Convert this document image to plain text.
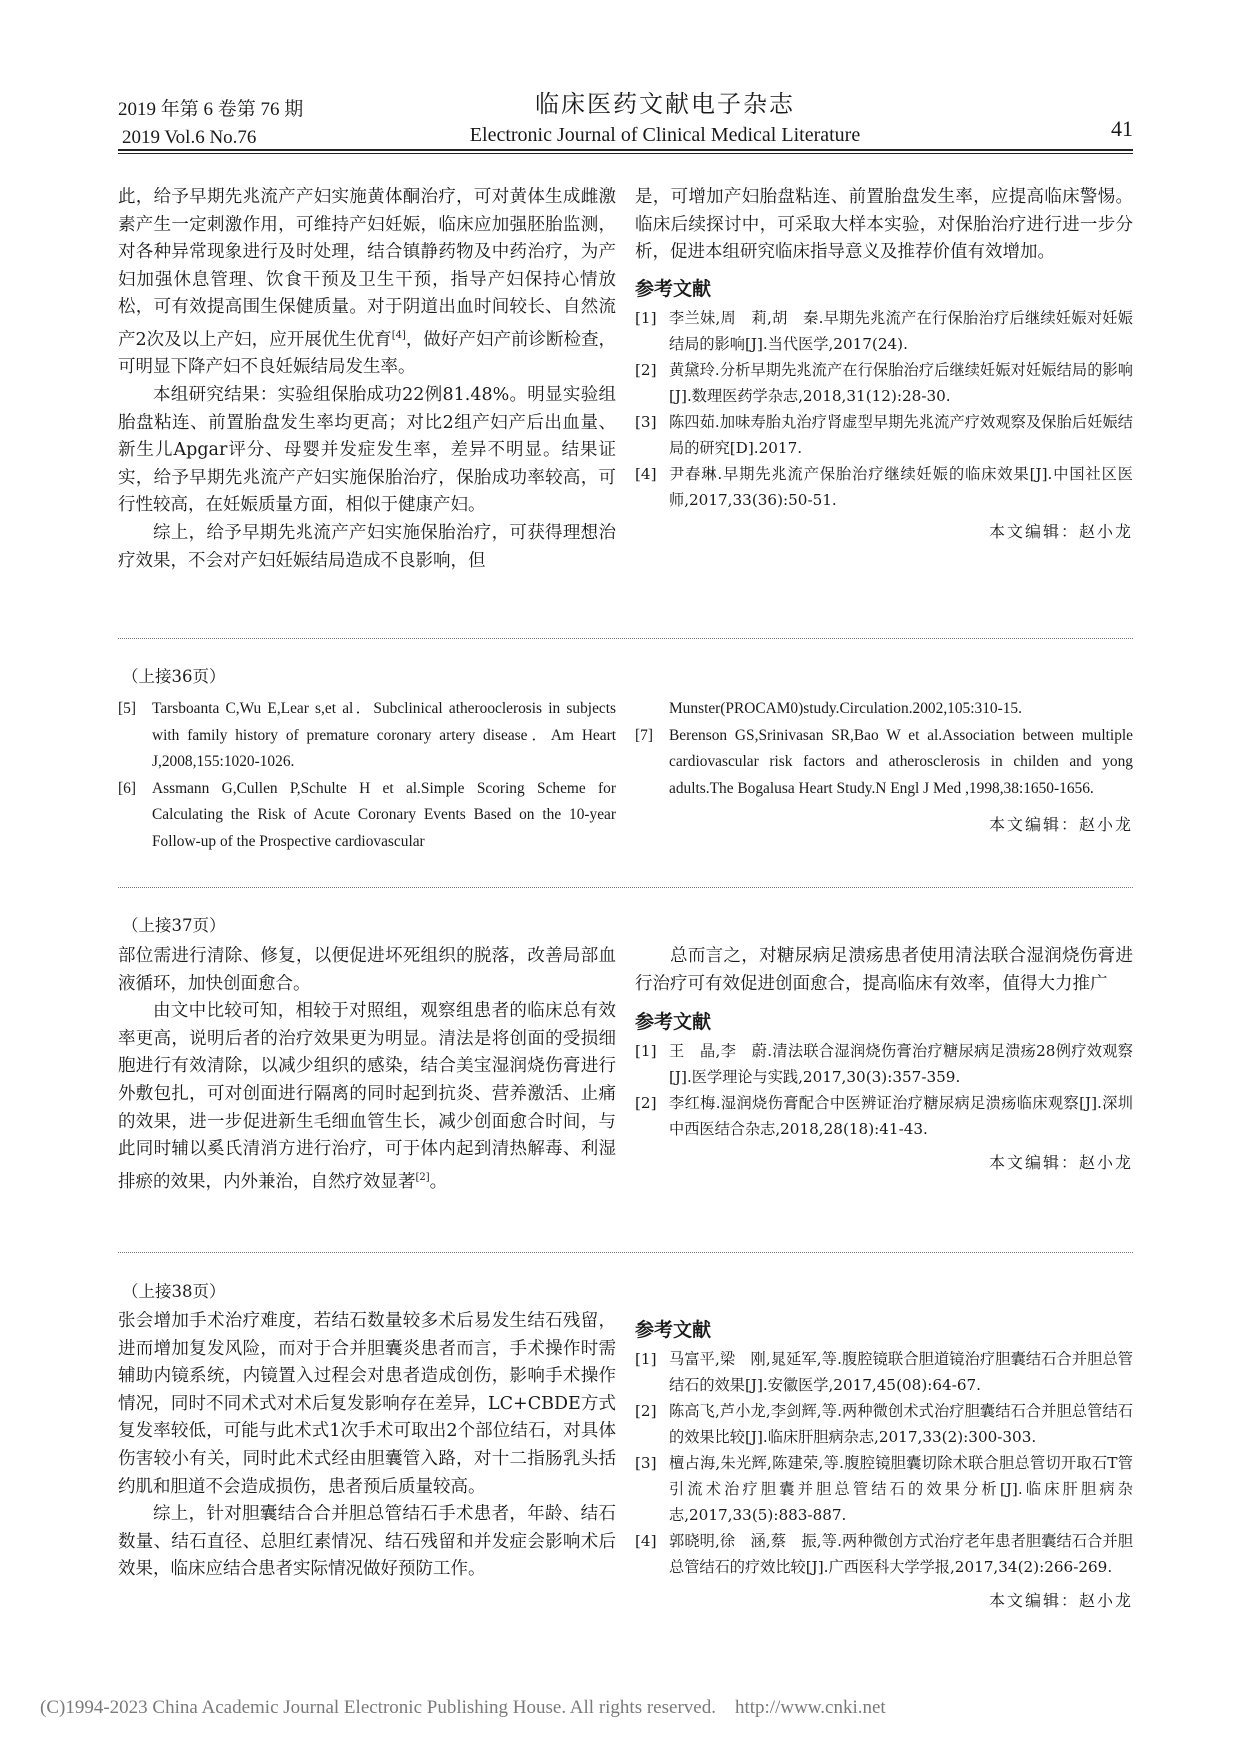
2019 年第 6 卷第 76 期
2019 Vol.6 No.76
临床医药文献电子杂志
Electronic Journal of Clinical Medical Literature	41

此，给予早期先兆流产产妇实施黄体酮治疗，可对黄体生成雌激素产生一定刺激作用，可维持产妇妊娠，临床应加强胚胎监测，对各种异常现象进行及时处理，结合镇静药物及中药治疗，为产妇加强休息管理、饮食干预及卫生干预，指导产妇保持心情放松，可有效提高围生保健质量。对于阴道出血时间较长、自然流产2次及以上产妇，应开展优生优育[4]，做好产妇产前诊断检查，可明显下降产妇不良妊娠结局发生率。

本组研究结果：实验组保胎成功22例81.48%。明显实验组胎盘粘连、前置胎盘发生率均更高；对比2组产妇产后出血量、新生儿Apgar评分、母婴并发症发生率，差异不明显。结果证实，给予早期先兆流产产妇实施保胎治疗，保胎成功率较高，可行性较高，在妊娠质量方面，相似于健康产妇。

综上，给予早期先兆流产产妇实施保胎治疗，可获得理想治疗效果，不会对产妇妊娠结局造成不良影响，但

是，可增加产妇胎盘粘连、前置胎盘发生率，应提高临床警惕。临床后续探讨中，可采取大样本实验，对保胎治疗进行进一步分析，促进本组研究临床指导意义及推荐价值有效增加。

参考文献

[1] 李兰妹,周　莉,胡　秦.早期先兆流产在行保胎治疗后继续妊娠对妊娠结局的影响[J].当代医学,2017(24).
[2] 黄黛玲.分析早期先兆流产在行保胎治疗后继续妊娠对妊娠结局的影响[J].数理医药学杂志,2018,31(12):28-30.
[3] 陈四茹.加味寿胎丸治疗肾虚型早期先兆流产疗效观察及保胎后妊娠结局的研究[D].2017.
[4] 尹春琳.早期先兆流产保胎治疗继续妊娠的临床效果[J].中国社区医师,2017,33(36):50-51.

本文编辑：赵小龙

（上接36页）
[5]	Tarsboanta C,Wu E,Lear s,et al．Subclinical atherooclerosis in subjects with family history of premature coronary artery disease．Am Heart J,2008,155:1020-1026.
[6]	Assmann G,Cullen P,Schulte H et al.Simple Scoring Scheme for Calculating the Risk of Acute Coronary Events Based on the 10-year Follow-up of the Prospective cardiovascular
Munster(PROCAM0)study.Circulation.2002,105:310-15.
[7]	Berenson GS,Srinivasan SR,Bao W et al.Association between multiple cardiovascular risk factors and atherosclerosis in childen and yong adults.The Bogalusa Heart Study.N Engl J Med ,1998,38:1650-1656.

本文编辑：赵小龙

（上接37页）

部位需进行清除、修复，以便促进坏死组织的脱落，改善局部血液循环，加快创面愈合。

由文中比较可知，相较于对照组，观察组患者的临床总有效率更高，说明后者的治疗效果更为明显。清法是将创面的受损细胞进行有效清除，以减少组织的感染，结合美宝湿润烧伤膏进行外敷包扎，可对创面进行隔离的同时起到抗炎、营养激活、止痛的效果，进一步促进新生毛细血管生长，减少创面愈合时间，与此同时辅以奚氏清消方进行治疗，可于体内起到清热解毒、利湿排瘀的效果，内外兼治，自然疗效显著[2]。

总而言之，对糖尿病足溃疡患者使用清法联合湿润烧伤膏进行治疗可有效促进创面愈合，提高临床有效率，值得大力推广

参考文献

[1] 王　晶,李　蔚.清法联合湿润烧伤膏治疗糖尿病足溃疡28例疗效观察[J].医学理论与实践,2017,30(3):357-359.
[2] 李红梅.湿润烧伤膏配合中医辨证治疗糖尿病足溃疡临床观察[J].深圳中西医结合杂志,2018,28(18):41-43.

本文编辑：赵小龙

（上接38页）

张会增加手术治疗难度，若结石数量较多术后易发生结石残留，进而增加复发风险，而对于合并胆囊炎患者而言，手术操作时需辅助内镜系统，内镜置入过程会对患者造成创伤，影响手术操作情况，同时不同术式对术后复发影响存在差异，LC+CBDE方式复发率较低，可能与此术式1次手术可取出2个部位结石，对具体伤害较小有关，同时此术式经由胆囊管入路，对十二指肠乳头括约肌和胆道不会造成损伤，患者预后质量较高。

综上，针对胆囊结合合并胆总管结石手术患者，年龄、结石数量、结石直径、总胆红素情况、结石残留和并发症会影响术后效果，临床应结合患者实际情况做好预防工作。

参考文献

[1] 马富平,梁　刚,晁延军,等.腹腔镜联合胆道镜治疗胆囊结石合并胆总管结石的效果[J].安徽医学,2017,45(08):64-67.
[2] 陈高飞,芦小龙,李剑辉,等.两种微创术式治疗胆囊结石合并胆总管结石的效果比较[J].临床肝胆病杂志,2017,33(2):300-303.
[3] 檀占海,朱光辉,陈建荣,等.腹腔镜胆囊切除术联合胆总管切开取石T管引流术治疗胆囊并胆总管结石的效果分析[J].临床肝胆病杂志,2017,33(5):883-887.
[4] 郭晓明,徐　涵,蔡　振,等.两种微创方式治疗老年患者胆囊结石合并胆总管结石的疗效比较[J].广西医科大学学报,2017,34(2):266-269.

本文编辑：赵小龙

(C)1994-2023 China Academic Journal Electronic Publishing House. All rights reserved.    http://www.cnki.net
